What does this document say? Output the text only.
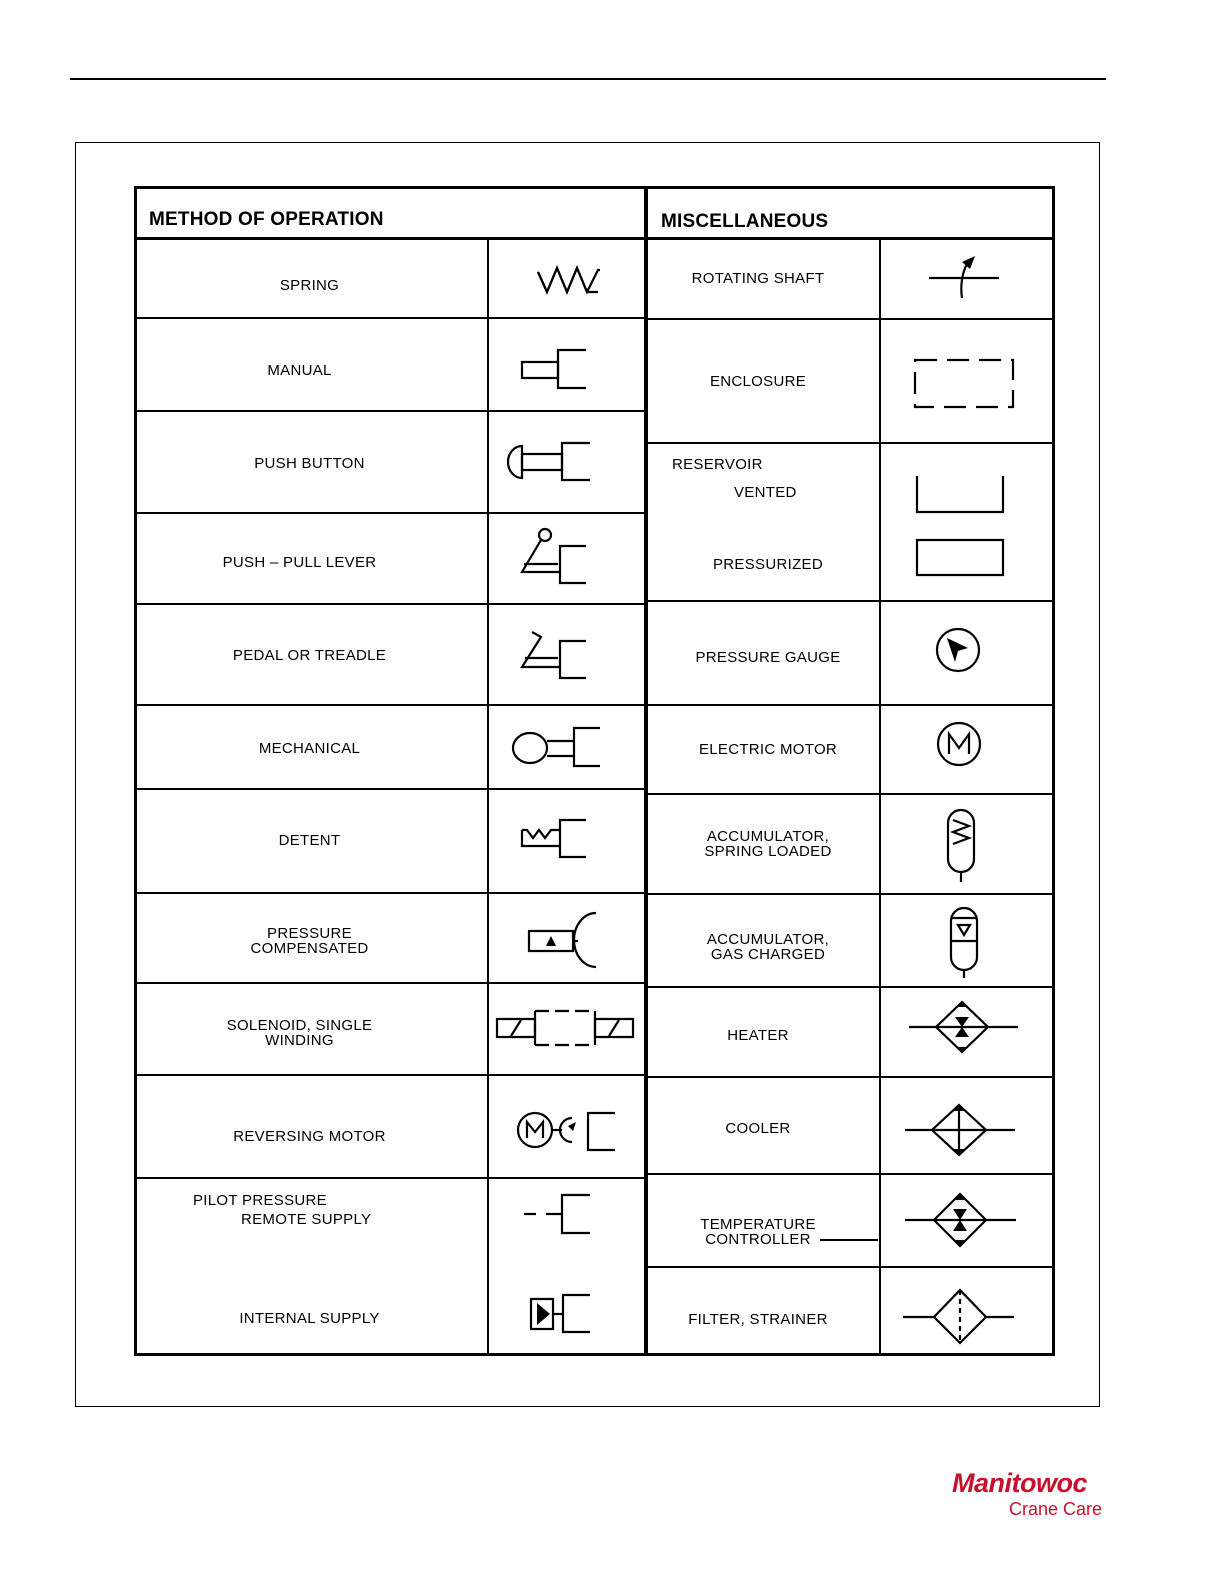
METHOD OF OPERATION	MISCELLANEOUS
SPRING
MANUAL
PUSH BUTTON
PUSH – PULL LEVER
PEDAL OR TREADLE
MECHANICAL
DETENT
PRESSURE
COMPENSATED
SOLENOID, SINGLE
WINDING
REVERSING MOTOR
PILOT PRESSURE
REMOTE SUPPLY
INTERNAL SUPPLY
ROTATING SHAFT
ENCLOSURE
RESERVOIR
VENTED
PRESSURIZED
PRESSURE GAUGE
ELECTRIC MOTOR
ACCUMULATOR,
SPRING LOADED
ACCUMULATOR,
GAS CHARGED
HEATER
COOLER
TEMPERATURE
CONTROLLER
FILTER, STRAINER
Manitowoc
Crane Care
